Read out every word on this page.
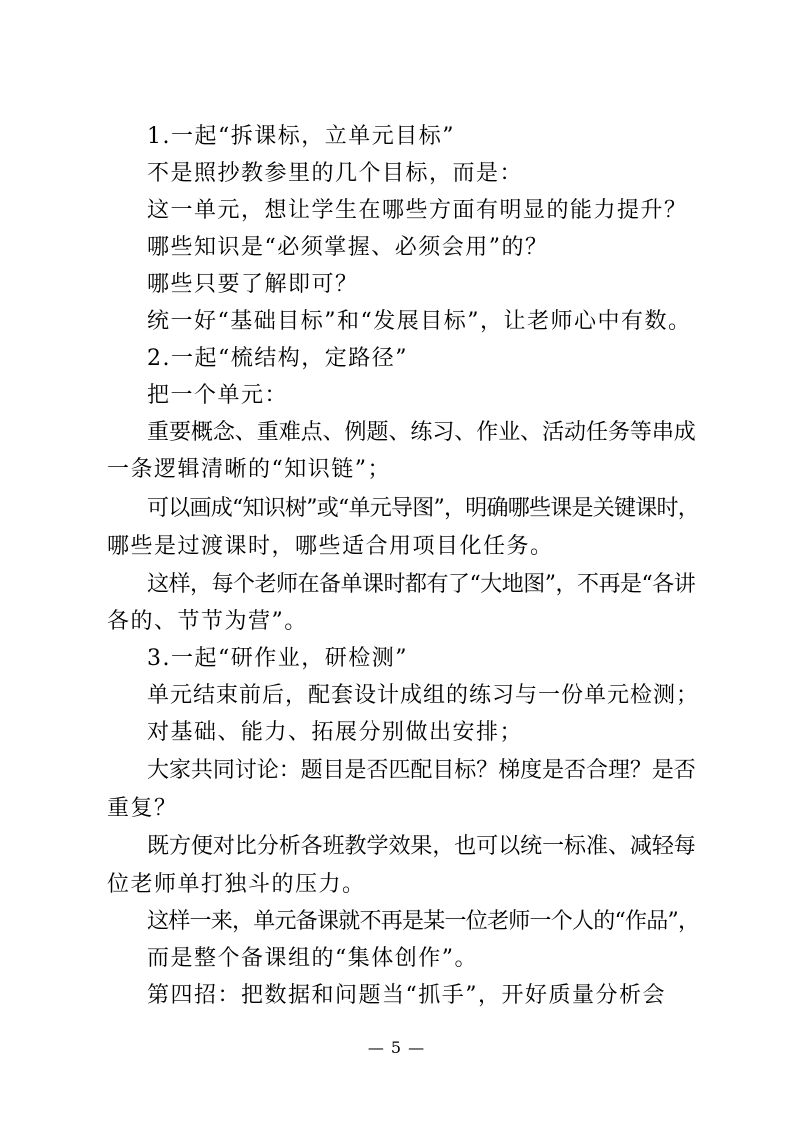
1.一起“拆课标，立单元目标”
不是照抄教参里的几个目标，而是：
这一单元，想让学生在哪些方面有明显的能力提升？
哪些知识是“必须掌握、必须会用”的？
哪些只要了解即可？
统一好“基础目标”和“发展目标”，让老师心中有数。
2.一起“梳结构，定路径”
把一个单元：
重要概念、重难点、例题、练习、作业、活动任务等串成
一条逻辑清晰的“知识链”；
可以画成“知识树”或“单元导图”，明确哪些课是关键课时，
哪些是过渡课时，哪些适合用项目化任务。
这样，每个老师在备单课时都有了“大地图”，不再是“各讲
各的、节节为营”。
3.一起“研作业，研检测”
单元结束前后，配套设计成组的练习与一份单元检测；
对基础、能力、拓展分别做出安排；
大家共同讨论：题目是否匹配目标？梯度是否合理？是否
重复？
既方便对比分析各班教学效果，也可以统一标准、减轻每
位老师单打独斗的压力。
这样一来，单元备课就不再是某一位老师一个人的“作品”，
而是整个备课组的“集体创作”。
第四招：把数据和问题当“抓手”，开好质量分析会
— 5 —
